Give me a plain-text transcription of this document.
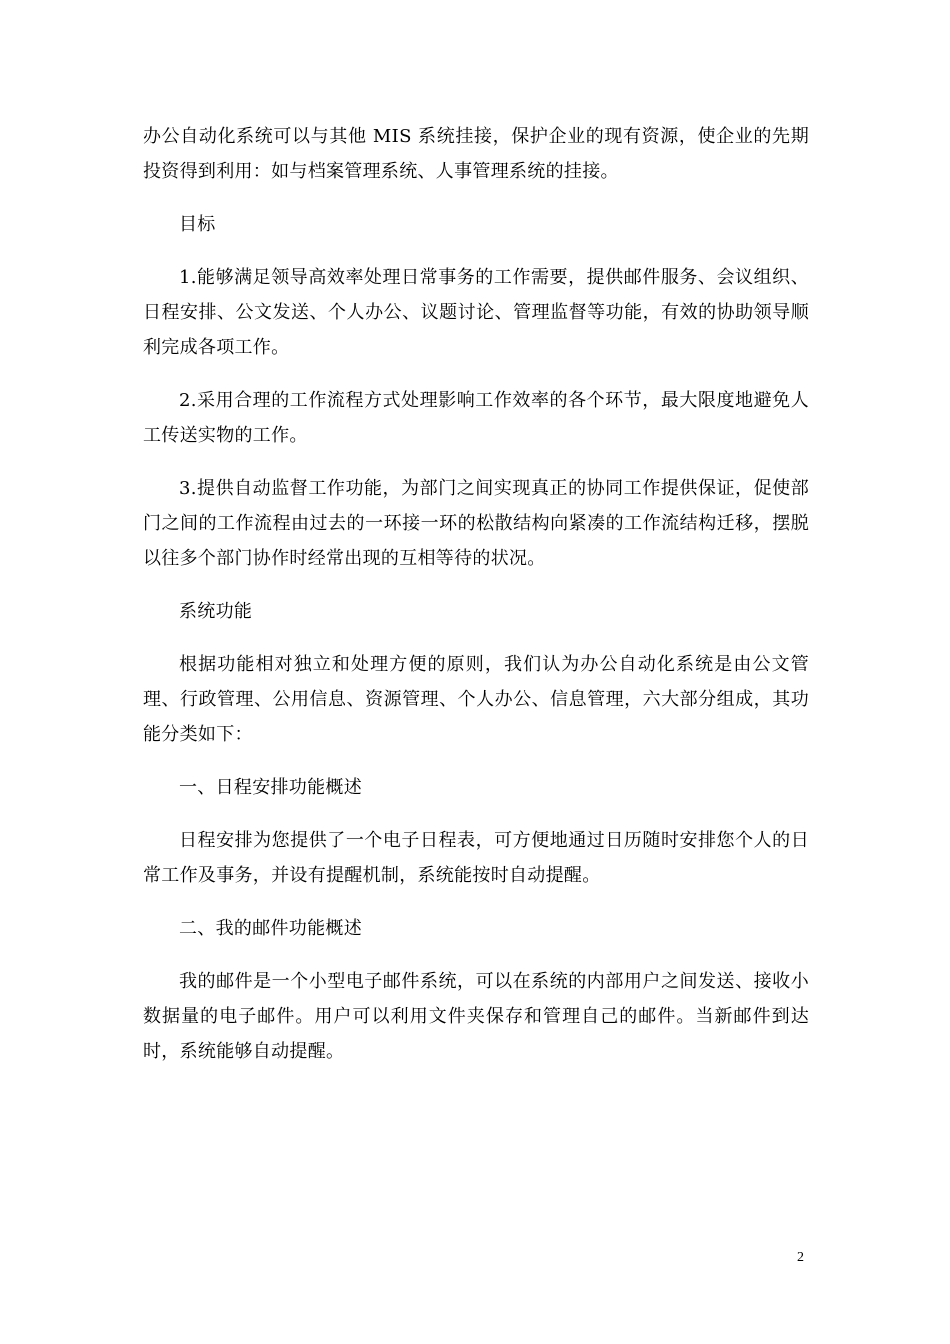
办公自动化系统可以与其他 MIS 系统挂接，保护企业的现有资源，使企业的先期投资得到利用：如与档案管理系统、人事管理系统的挂接。

目标

1.能够满足领导高效率处理日常事务的工作需要，提供邮件服务、会议组织、日程安排、公文发送、个人办公、议题讨论、管理监督等功能，有效的协助领导顺利完成各项工作。

2.采用合理的工作流程方式处理影响工作效率的各个环节，最大限度地避免人工传送实物的工作。

3.提供自动监督工作功能，为部门之间实现真正的协同工作提供保证，促使部门之间的工作流程由过去的一环接一环的松散结构向紧凑的工作流结构迁移，摆脱以往多个部门协作时经常出现的互相等待的状况。

系统功能

根据功能相对独立和处理方便的原则，我们认为办公自动化系统是由公文管理、行政管理、公用信息、资源管理、个人办公、信息管理，六大部分组成，其功能分类如下：

一、日程安排功能概述

日程安排为您提供了一个电子日程表，可方便地通过日历随时安排您个人的日常工作及事务，并设有提醒机制，系统能按时自动提醒。

二、我的邮件功能概述

我的邮件是一个小型电子邮件系统，可以在系统的内部用户之间发送、接收小数据量的电子邮件。用户可以利用文件夹保存和管理自己的邮件。当新邮件到达时，系统能够自动提醒。

2
